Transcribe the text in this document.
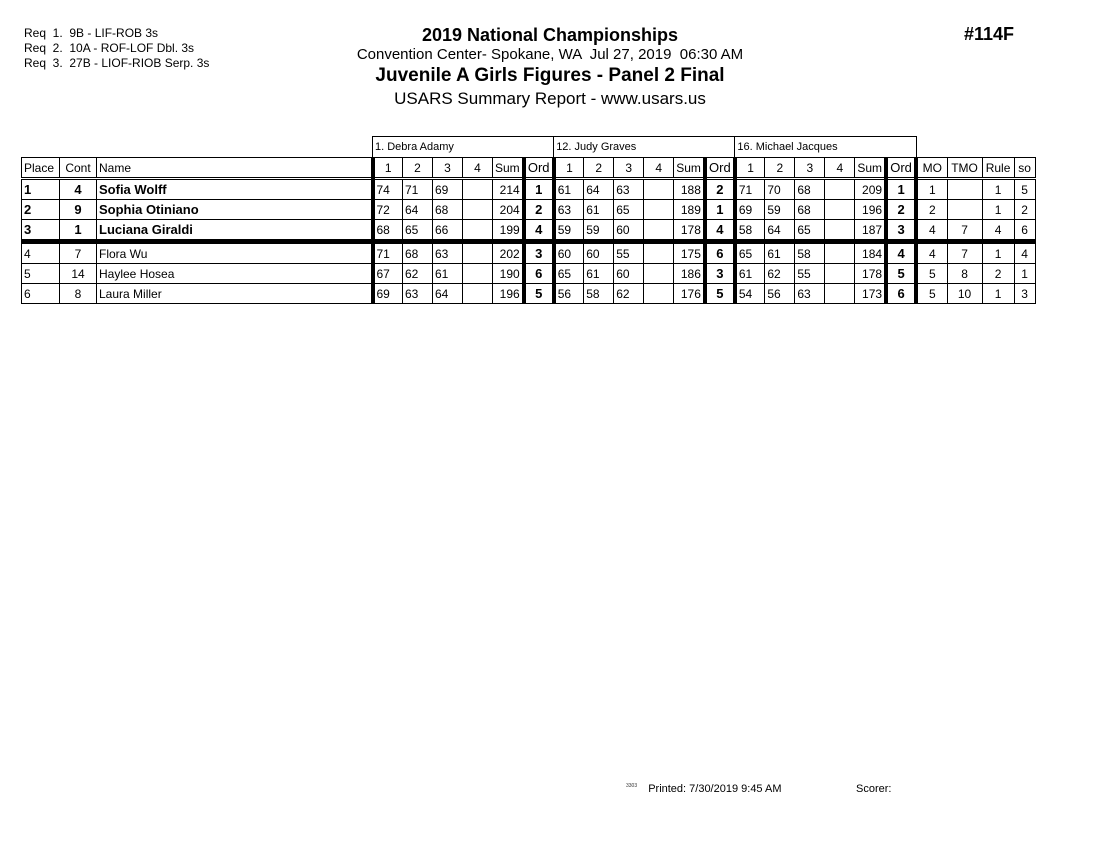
Req  1.  9B - LIF-ROB 3s
Req  2.  10A - ROF-LOF Dbl. 3s
Req  3.  27B - LIOF-RIOB Serp. 3s
2019 National Championships
Convention Center- Spokane, WA  Jul 27, 2019  06:30 AM
Juvenile A Girls Figures - Panel 2 Final
USARS Summary Report - www.usars.us
#114F
			1. Debra Adamy						12. Judy Graves						16. Michael Jacques									
Place	Cont	Name	1	2	3	4	Sum	Ord	1	2	3	4	Sum	Ord	1	2	3	4	Sum	Ord	MO	TMO	Rule	so
1	4	Sofia Wolff	74	71	69		214	1	61	64	63		188	2	71	70	68		209	1	1		1	5
2	9	Sophia Otiniano	72	64	68		204	2	63	61	65		189	1	69	59	68		196	2	2		1	2
3	1	Luciana Giraldi	68	65	66		199	4	59	59	60		178	4	58	64	65		187	3	4	7	4	6
4	7	Flora Wu	71	68	63		202	3	60	60	55		175	6	65	61	58		184	4	4	7	1	4
5	14	Haylee Hosea	67	62	61		190	6	65	61	60		186	3	61	62	55		178	5	5	8	2	1
6	8	Laura Miller	69	63	64		196	5	56	58	62		176	5	54	56	63		173	6	5	10	1	3
$^{3303}$ Printed: 7/30/2019 9:45 AM	Scorer:
